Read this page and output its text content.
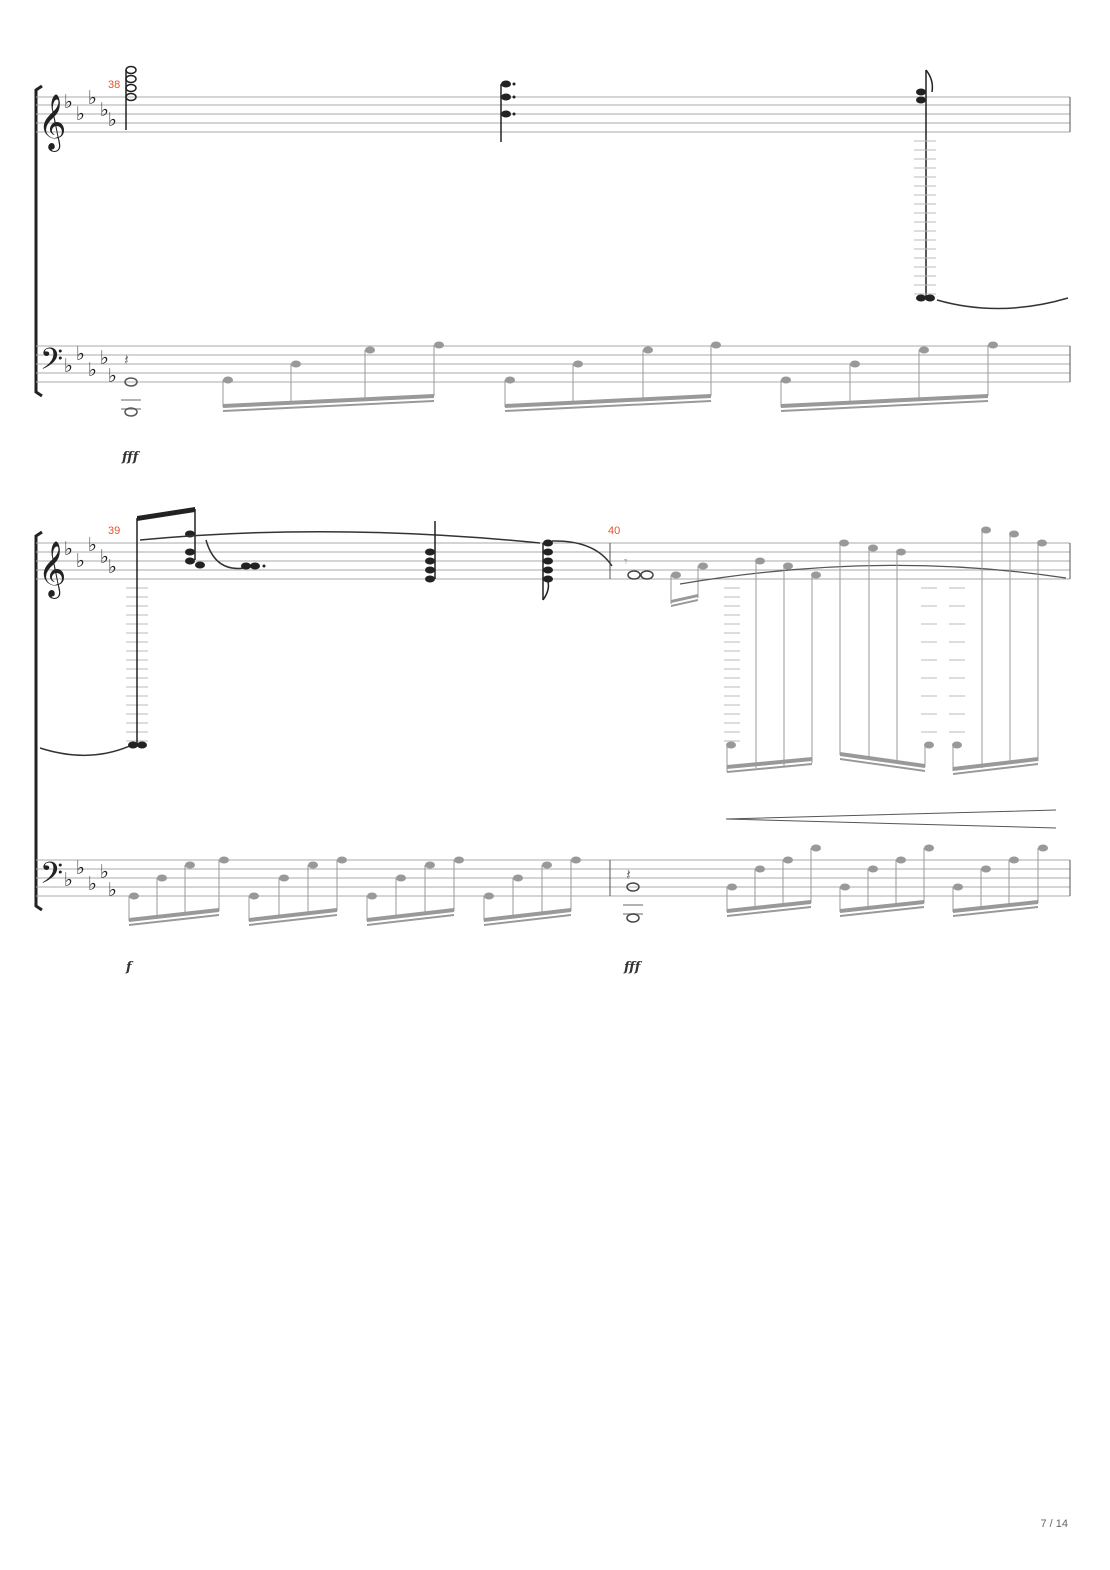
𝄞
♭
♭
♭
♭ ♭
38
𝄢 ♭
♭
♭
♭
♭
𝄽
fff
𝄞
♭
♭
♭
♭ ♭
39	40
𝄾
𝄢 ♭
♭
♭
♭
♭
𝄽
f	fff
7 / 14
